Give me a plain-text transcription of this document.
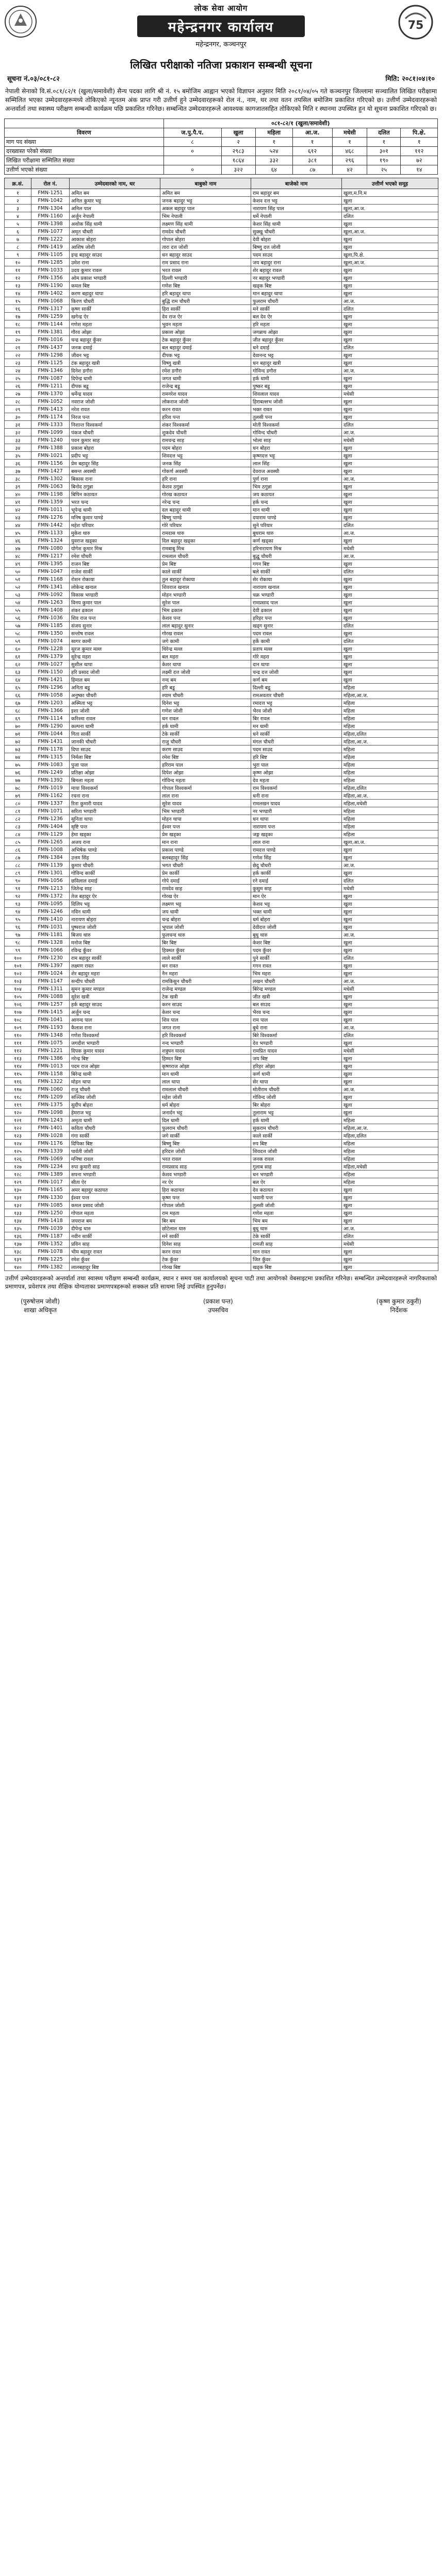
75
लोक सेवा आयोग
महेन्द्रनगर कार्यालय
महेन्द्रनगर, कञ्चनपुर
लिखित परीक्षाको नतिजा प्रकाशन सम्बन्धी सूचना
सूचना नं.०३/०८१-८२	मिति: २०८१।०४।१०
नेपाली सेनाको वि.सं.०८१/८२/१ (खुला/समावेशी) सैन्य पदका लागि श्री नं. १५ बमोजिम आह्वान भएको विज्ञापन अनुसार मिति २०८१/०४/०५ गते कञ्चनपुर जिल्लामा सञ्चालित लिखित परीक्षामा सम्मिलित भएका उम्मेदवारहरूमध्ये तोकिएको न्यूनतम अंक प्राप्त गरी उत्तीर्ण हुने उम्मेदवारहरूको रोल नं., नाम, थर तथा वतन तपसिल बमोजिम प्रकाशित गरिएको छ। उत्तीर्ण उम्मेदवारहरूको अन्तर्वार्ता तथा स्वास्थ्य परीक्षण सम्बन्धी कार्यक्रम पछि प्रकाशित गरिनेछ। सम्बन्धित उम्मेदवारहरूले आवश्यक कागजातसहित तोकिएको मिति र स्थानमा उपस्थित हुन यो सूचना प्रकाशित गरिएको छ।
	०८१-८२/१ (खुला/समावेशी)						
विवरण	ज.पु.पै.प.	खुला	महिला	आ.ज.	मधेसी	दलित	पि.क्षे.
माग पद संख्या	८	२	१	१	१	१	१
दरख्वास्त परेको संख्या	०	२९८३	५२४	६१२	४६८	३०१	११२
लिखित परीक्षामा सम्मिलित संख्या		१८६४	३३२	३८१	२९६	१९०	७२
उत्तीर्ण भएको संख्या	०	३२२	६४	८७	४२	२५	१४
क्र.सं.	रोल नं.	उम्मेदवारको नाम, थर	बाबुको नाम	बाजेको नाम	उत्तीर्ण भएको समूह
१	FMN-1251	अमित बम	अमित बम	राम बहादुर बम	खुला,म.नि.म
२	FMN-1042	अनिल कुमार भट्ट	जनक बहादुर भट्ट	केशव दत्त भट्ट	खुला
३	FMN-1304	अनिल पाल	अकल बहादुर पाल	नारायण सिंह पाल	खुला,आ.ज.
४	FMN-1160	अर्जुन नेपाली	भिम नेपाली	धर्मे नेपाली	दलित
५	FMN-1398	अशोक सिंह धामी	लक्ष्मण सिंह धामी	केशर सिंह धामी	खुला
६	FMN-1077	अमृत चौधरी	रामदेव चौधरी	सुक्खु चौधरी	खुला,आ.ज.
७	FMN-1222	आकाश बोहरा	गोपाल बोहरा	देवी बोहरा	खुला
८	FMN-1419	आशिष जोशी	तारा दत्त जोशी	बिष्णु दत्त जोशी	खुला
९	FMN-1105	इन्द्र बहादुर साउद	धन बहादुर साउद	पदम साउद	खुला,पि.क्षे.
१०	FMN-1285	उमेश राना	राम प्रसाद राना	जय बहादुर राना	खुला,आ.ज.
११	FMN-1033	उदय कुमार रावल	भरत रावल	शेर बहादुर रावल	खुला
१२	FMN-1356	ओम प्रकाश भण्डारी	दिल्ली भण्डारी	नर बहादुर भण्डारी	खुला
१३	FMN-1190	कमल बिष्ट	गणेश बिष्ट	खड्क बिष्ट	खुला
१४	FMN-1402	करण बहादुर थापा	हरि बहादुर थापा	मान बहादुर थापा	खुला
१५	FMN-1068	किरण चौधरी	बुद्धि राम चौधरी	फुलराम चौधरी	आ.ज.
१६	FMN-1317	कृष्ण सार्की	हिरा सार्की	मने सार्की	दलित
१७	FMN-1259	खगेन्द्र ऐर	देव राज ऐर	बल देव ऐर	खुला
१८	FMN-1144	गणेश महता	भुवन महता	हरि महता	खुला
१९	FMN-1381	गौरव ओझा	प्रकाश ओझा	जगन्नाथ ओझा	खुला
२०	FMN-1016	चन्द्र बहादुर कुँवर	टेक बहादुर कुँवर	जीत बहादुर कुँवर	खुला
२१	FMN-1437	जनक दमाई	बल बहादुर दमाई	धने दमाई	दलित
२२	FMN-1298	जीवन भट्ट	दीपक भट्ट	देवानन्द भट्ट	खुला
२३	FMN-1125	टंक बहादुर खत्री	विष्णु खत्री	धन बहादुर खत्री	खुला
२४	FMN-1346	दिनेश डगौरा	रमेश डगौरा	गोविन्द डगौरा	आ.ज.
२५	FMN-1087	दिपेन्द्र धामी	जगत धामी	हर्क धामी	खुला
२६	FMN-1211	दीपक बडू	राजेन्द्र बडू	पुष्कर बडू	खुला
२७	FMN-1370	धर्मेन्द्र यादव	रामनरेश यादव	शिवलाल यादव	मधेसी
२८	FMN-1052	नवराज जोशी	लोकराज जोशी	हिराबल्लभ जोशी	खुला
२९	FMN-1413	नरेश रावत	करन रावत	भक्त रावत	खुला
३०	FMN-1174	निरज पन्त	हरिश पन्त	तुलसी पन्त	खुला
३१	FMN-1333	निशान्त विश्वकर्मा	शंकर विश्वकर्मा	मोती विश्वकर्मा	दलित
३२	FMN-1099	पंकज चौधरी	शुकदेव चौधरी	गोविन्द चौधरी	आ.ज.
३३	FMN-1240	पवन कुमार साह	रामचन्द्र साह	भोला साह	मधेसी
३४	FMN-1388	प्रकाश बोहरा	पदम बोहरा	धन बोहरा	खुला
३५	FMN-1021	प्रदीप भट्ट	शिवदत्त भट्ट	कृष्णदत्त भट्ट	खुला
३६	FMN-1156	प्रेम बहादुर सिंह	जनक सिंह	लाल सिंह	खुला
३७	FMN-1427	बसन्त अवस्थी	गोकर्ण अवस्थी	देवराज अवस्थी	खुला
३८	FMN-1302	बिकास राना	हरि राना	पुर्ण राना	आ.ज.
३९	FMN-1063	बिनोद ठगुन्ना	केशव ठगुन्ना	भिम ठगुन्ना	खुला
४०	FMN-1198	बिपिन कठायत	गोरख कठायत	जय कठायत	खुला
४१	FMN-1359	भरत चन्द	नरेन्द्र चन्द	हर्क चन्द	खुला
४२	FMN-1011	भूपेन्द्र धामी	दल बहादुर धामी	मान धामी	खुला
४३	FMN-1276	मनिष कुमार पाण्डे	बिष्णु पाण्डे	दयाराम पाण्डे	खुला
४४	FMN-1442	महेश परियार	गोरे परियार	सुने परियार	दलित
४५	FMN-1133	मुकेश थारु	रामदास थारु	बुधराम थारु	आ.ज.
४६	FMN-1324	युवराज खड्का	दिल बहादुर खड्का	कर्ण खड्का	खुला
४७	FMN-1080	योगेश कुमार मिश्र	रामबाबु मिश्र	हरिनारायण मिश्र	मधेसी
४८	FMN-1217	रमेश चौधरी	रामलाल चौधरी	बुद्धु चौधरी	आ.ज.
४९	FMN-1395	राजन बिष्ट	प्रेम बिष्ट	गगन बिष्ट	खुला
५०	FMN-1047	राजेश सार्की	काले सार्की	बले सार्की	दलित
५१	FMN-1168	रोशन रोकाया	तुल बहादुर रोकाया	सेर रोकाया	खुला
५२	FMN-1341	लोकेन्द्र खनाल	शिवराज खनाल	नारायण खनाल	खुला
५३	FMN-1092	विकास भण्डारी	मोहन भण्डारी	चक्र भण्डारी	खुला
५४	FMN-1263	विनय कुमार पाल	सुरेश पाल	रामप्रसाद पाल	खुला
५५	FMN-1408	शंकर ढकाल	भिम ढकाल	देवी ढकाल	खुला
५६	FMN-1036	शिव राज पन्त	केशव पन्त	हरिहर पन्त	खुला
५७	FMN-1185	संजय सुनार	लाल बहादुर सुनार	खड्ग सुनार	दलित
५८	FMN-1350	सन्तोष रावल	गोरख रावल	पदम रावल	खुला
५९	FMN-1074	सागर कामी	जगे कामी	हर्के कामी	दलित
६०	FMN-1228	सुरज कुमार मल्ल	धिरेन्द्र मल्ल	प्रताप मल्ल	खुला
६१	FMN-1379	सुरेन्द्र महरा	बल महरा	गोरे महरा	खुला
६२	FMN-1027	सुशील थापा	केशर थापा	दान थापा	खुला
६३	FMN-1150	हरि प्रसाद जोशी	लक्ष्मी दत्त जोशी	चन्द्र दत्त जोशी	खुला
६४	FMN-1421	हिमाल बम	नन्द बम	कर्ण बम	खुला
६५	FMN-1296	अनिता बडू	हरि बडू	दिल्ली बडू	महिला
६६	FMN-1058	अनुष्का चौधरी	श्याम चौधरी	रामअवतार चौधरी	महिला,आ.ज.
६७	FMN-1203	अस्मिता भट्ट	दिनेश भट्ट	रमादत्त भट्ट	महिला
६८	FMN-1366	इशा जोशी	गणेश जोशी	भैरव जोशी	महिला
६९	FMN-1114	करिश्मा रावल	धन रावल	बिर रावल	महिला
७०	FMN-1290	कल्पना धामी	हर्क धामी	मन धामी	महिला
७१	FMN-1044	गिता सार्की	टेके सार्की	धने सार्की	महिला,दलित
७२	FMN-1431	जानकी चौधरी	राजु चौधरी	मंगल चौधरी	महिला,आ.ज.
७३	FMN-1178	दिपा साउद	करण साउद	पदम साउद	महिला
७४	FMN-1315	निर्मला बिष्ट	रमेश बिष्ट	हरि बिष्ट	महिला
७५	FMN-1083	पुजा पाल	हरिराम पाल	भुरा पाल	महिला
७६	FMN-1249	प्रतिक्षा ओझा	दिपेश ओझा	कृष्ण ओझा	महिला
७७	FMN-1392	बिमला महता	गोविन्द महता	देव महता	महिला
७८	FMN-1019	माया विश्वकर्मा	गोपाल विश्वकर्मा	राम विश्वकर्मा	महिला,दलित
७९	FMN-1162	रचना राना	लाल राना	धनी राना	महिला,आ.ज.
८०	FMN-1337	रिता कुमारी यादव	सुरेश यादव	रामलखन यादव	महिला,मधेसी
८१	FMN-1071	सरिता भण्डारी	भिम भण्डारी	नर भण्डारी	महिला
८२	FMN-1236	सुनिता थापा	मोहन थापा	धन थापा	महिला
८३	FMN-1404	सृष्टि पन्त	ईश्वर पन्त	नारायण पन्त	महिला
८४	FMN-1129	हेमा खड्का	प्रेम खड्का	जङ्ग खड्का	महिला
८५	FMN-1265	अजय राना	मान राना	लाल राना	खुला,आ.ज.
८६	FMN-1008	अभिषेक पाण्डे	प्रकाश पाण्डे	रामदत्त पाण्डे	खुला
८७	FMN-1384	उत्तम सिंह	बलबहादुर सिंह	गणेश सिंह	खुला
८८	FMN-1139	कुमार चौधरी	भगत चौधरी	छेदु चौधरी	आ.ज.
८९	FMN-1301	गोविन्द कार्की	प्रेम कार्की	हर्क कार्की	खुला
९०	FMN-1056	छविलाल दमाई	गोपे दमाई	रने दमाई	दलित
९१	FMN-1213	जितेन्द्र साह	रामदेव साह	कुसुम साह	मधेसी
९२	FMN-1372	तेज बहादुर ऐर	गोरख ऐर	मान ऐर	खुला
९३	FMN-1095	दिलिप भट्ट	लक्ष्मण भट्ट	केशव भट्ट	खुला
९४	FMN-1246	नविन धामी	जय धामी	भक्त धामी	खुला
९५	FMN-1410	नारायण बोहरा	चन्द्र बोहरा	धर्म बोहरा	खुला
९६	FMN-1031	पुष्पराज जोशी	भुपाल जोशी	देवीदत्त जोशी	खुला
९७	FMN-1181	बिजय थारु	फुलचन्द थारु	बुधु थारु	आ.ज.
९८	FMN-1328	मनोज बिष्ट	बिर बिष्ट	केशर बिष्ट	खुला
९९	FMN-1066	रविन्द्र कुँवर	हिक्मत कुँवर	पदम कुँवर	खुला
१००	FMN-1230	राम बहादुर सार्की	लाले सार्की	पुने सार्की	दलित
१०१	FMN-1397	लक्ष्मण रावत	धन रावत	गगन रावत	खुला
१०२	FMN-1024	शेर बहादुर महरा	नैन महरा	भिम महरा	खुला
१०३	FMN-1147	सन्दीप चौधरी	रामकिसुन चौधरी	लखन चौधरी	आ.ज.
१०४	FMN-1311	सुमन कुमार मण्डल	राजेन्द्र मण्डल	बिरेन्द्र मण्डल	मधेसी
१०५	FMN-1088	सुरेश खत्री	टेक खत्री	जीत खत्री	खुला
१०६	FMN-1257	हर्क बहादुर साउद	करन साउद	बल साउद	खुला
१०७	FMN-1415	अर्जुन चन्द	केशर चन्द	भैरव चन्द	खुला
१०८	FMN-1041	आनन्द पाल	शिव पाल	राम पाल	खुला
१०९	FMN-1193	कैलाश राना	जगत राना	बुधे राना	आ.ज.
११०	FMN-1348	गणेश विश्वकर्मा	हरि विश्वकर्मा	बिरे विश्वकर्मा	दलित
१११	FMN-1075	जगदीश भण्डारी	नन्द भण्डारी	देव भण्डारी	खुला
११२	FMN-1221	दिपक कुमार यादव	शत्रुघन यादव	रामप्रित यादव	मधेसी
११३	FMN-1386	नरेन्द्र बिष्ट	हिम्मत बिष्ट	जय बिष्ट	खुला
११४	FMN-1013	पदम राज ओझा	कृष्णराज ओझा	हरिहर ओझा	खुला
११५	FMN-1158	बिरेन्द्र धामी	मान धामी	कर्ण धामी	खुला
११६	FMN-1322	मोहन थापा	लाल थापा	सेर थापा	खुला
११७	FMN-1060	राजु चौधरी	रामलाल चौधरी	मोतीराम चौधरी	आ.ज.
११८	FMN-1209	सञ्जिव जोशी	महेश जोशी	गोविन्द जोशी	खुला
११९	FMN-1375	सुदीप बोहरा	धर्म बोहरा	बिर बोहरा	खुला
१२०	FMN-1098	हेमराज भट्ट	जनार्दन भट्ट	तुलाराम भट्ट	खुला
१२१	FMN-1243	अमृता धामी	दिल धामी	हर्क धामी	महिला
१२२	FMN-1401	कविता चौधरी	फुलराम चौधरी	सुकराम चौधरी	महिला,आ.ज.
१२३	FMN-1028	गंगा सार्की	जगे सार्की	काले सार्की	महिला,दलित
१२४	FMN-1176	दिपिका बिष्ट	बिष्णु बिष्ट	रुप बिष्ट	महिला
१२५	FMN-1339	पार्वती जोशी	हरिदत्त जोशी	शिवदत्त जोशी	महिला
१२६	FMN-1069	मनिषा रावल	भरत रावल	जनक रावल	महिला
१२७	FMN-1234	रुपा कुमारी साह	रामप्रसाद साह	गुलाब साह	महिला,मधेसी
१२८	FMN-1389	सपना भण्डारी	केशव भण्डारी	धन भण्डारी	महिला
१२९	FMN-1017	सीता ऐर	नर ऐर	बल ऐर	महिला
१३०	FMN-1165	अमर बहादुर कठायत	हिरा कठायत	देव कठायत	खुला
१३१	FMN-1330	ईश्वर पन्त	कृष्ण पन्त	भवानी पन्त	खुला
१३२	FMN-1085	कमल प्रसाद जोशी	गोपाल जोशी	तुलसी जोशी	खुला
१३३	FMN-1250	गोपाल महता	राम महता	गणेश महता	खुला
१३४	FMN-1418	जयराज बम	बिर बम	भिम बम	खुला
१३५	FMN-1039	दीपेन्द्र थारु	छोटेलाल थारु	बुधु थारु	आ.ज.
१३६	FMN-1187	नवीन सार्की	मने सार्की	टेके सार्की	दलित
१३७	FMN-1352	प्रविन साह	दिनेश साह	रामजी साह	मधेसी
१३८	FMN-1078	भीम बहादुर रावत	करन रावत	मान रावत	खुला
१३९	FMN-1225	रमेश कुँवर	टेक कुँवर	जित कुँवर	खुला
१४०	FMN-1382	लालबहादुर बिष्ट	गोरख बिष्ट	खड्क बिष्ट	खुला
उत्तीर्ण उम्मेदवारहरूको अन्तर्वार्ता तथा स्वास्थ्य परीक्षण सम्बन्धी कार्यक्रम, स्थान र समय यस कार्यालयको सूचना पाटी तथा आयोगको वेबसाइटमा प्रकाशित गरिनेछ। सम्बन्धित उम्मेदवारहरूले नागरिकताको प्रमाणपत्र, प्रवेशपत्र तथा शैक्षिक योग्यताका प्रमाणपत्रहरूको सक्कल प्रति साथमा लिई उपस्थित हुनुपर्नेछ।
(पुरुषोत्तम जोशी)
शाखा अधिकृत
(प्रकाश पन्त)
उपसचिव
(कृष्ण कुमार ठकुरी)
निर्देशक
